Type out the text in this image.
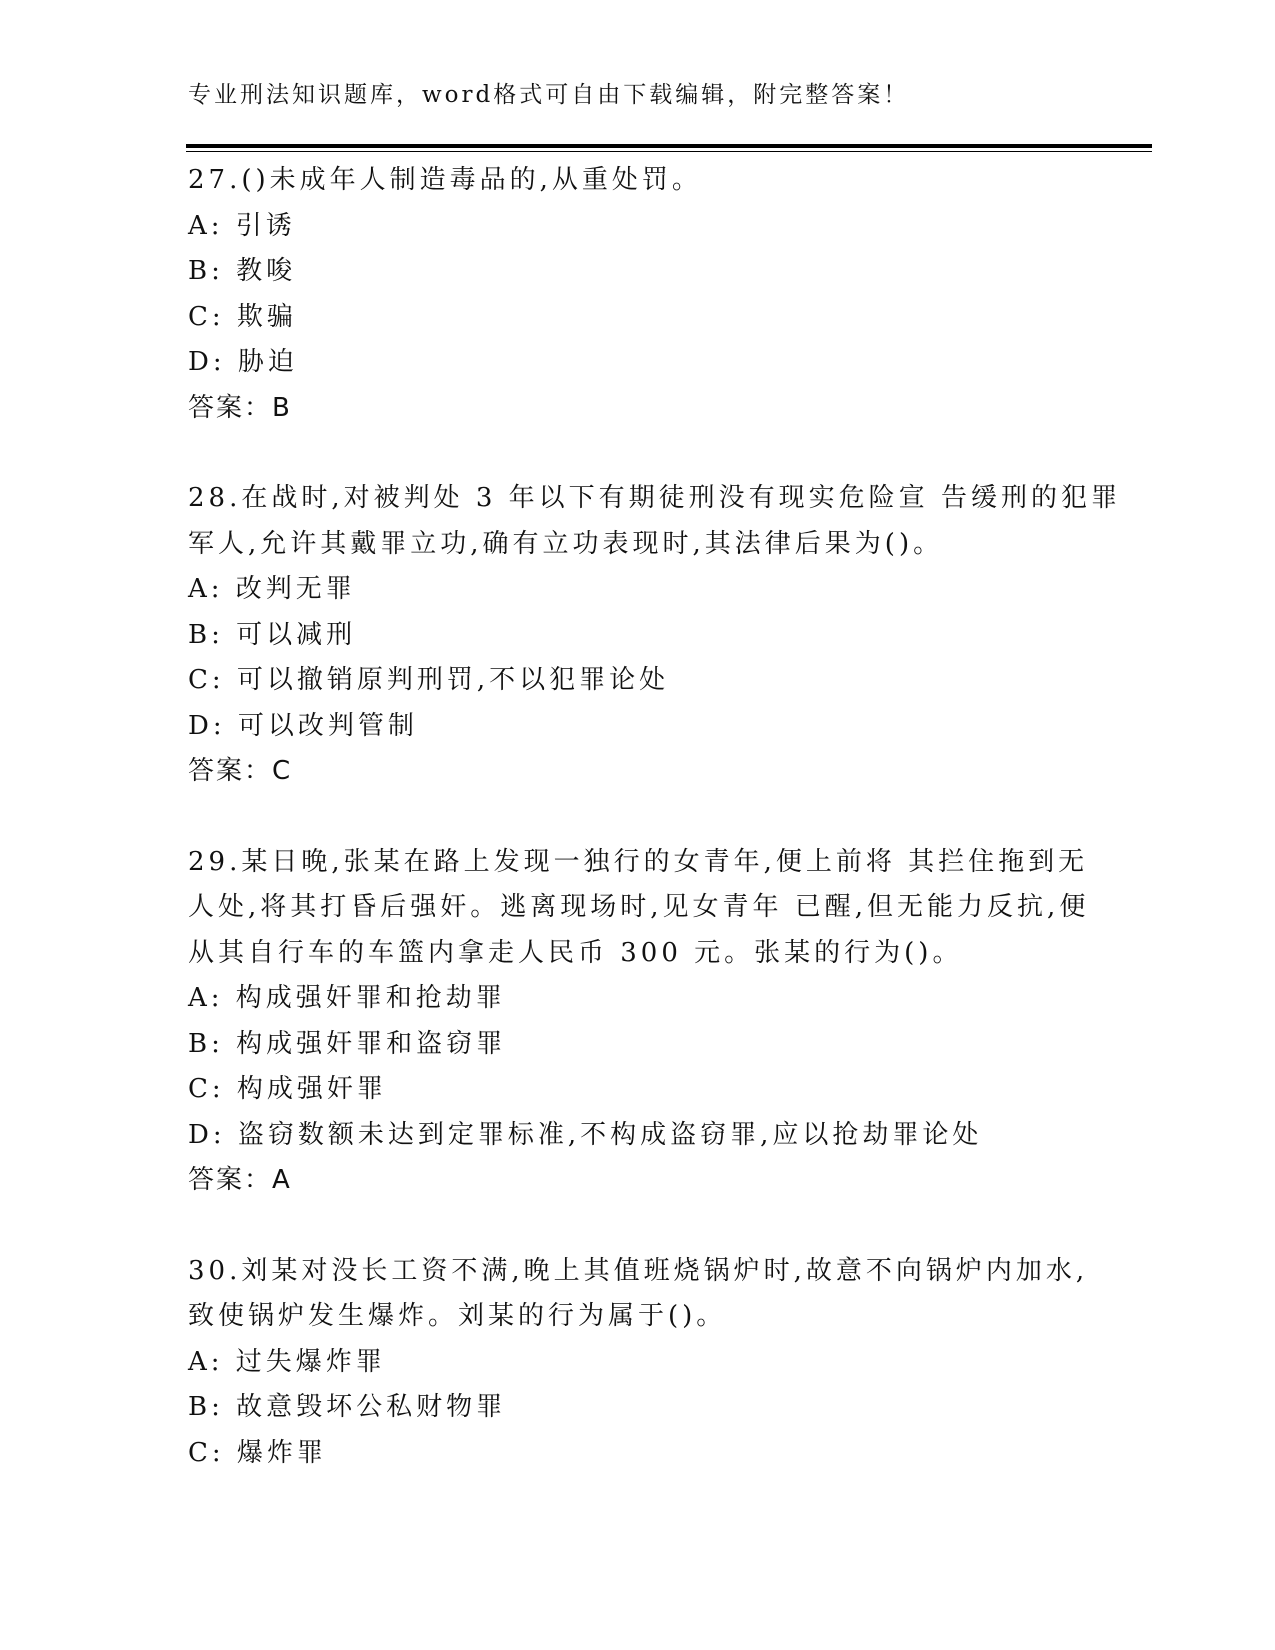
专业刑法知识题库，word格式可自由下载编辑，附完整答案！
27.()未成年人制造毒品的,从重处罚。
A: 引诱
B: 教唆
C: 欺骗
D: 胁迫
答案：B
28.在战时,对被判处 3 年以下有期徒刑没有现实危险宣 告缓刑的犯罪
军人,允许其戴罪立功,确有立功表现时,其法律后果为()。
A: 改判无罪
B: 可以减刑
C: 可以撤销原判刑罚,不以犯罪论处
D: 可以改判管制
答案：C
29.某日晚,张某在路上发现一独行的女青年,便上前将 其拦住拖到无
人处,将其打昏后强奸。逃离现场时,见女青年 已醒,但无能力反抗,便
从其自行车的车篮内拿走人民币 300 元。张某的行为()。
A: 构成强奸罪和抢劫罪
B: 构成强奸罪和盗窃罪
C: 构成强奸罪
D: 盗窃数额未达到定罪标准,不构成盗窃罪,应以抢劫罪论处
答案：A
30.刘某对没长工资不满,晚上其值班烧锅炉时,故意不向锅炉内加水,
致使锅炉发生爆炸。刘某的行为属于()。
A: 过失爆炸罪
B: 故意毁坏公私财物罪
C: 爆炸罪
